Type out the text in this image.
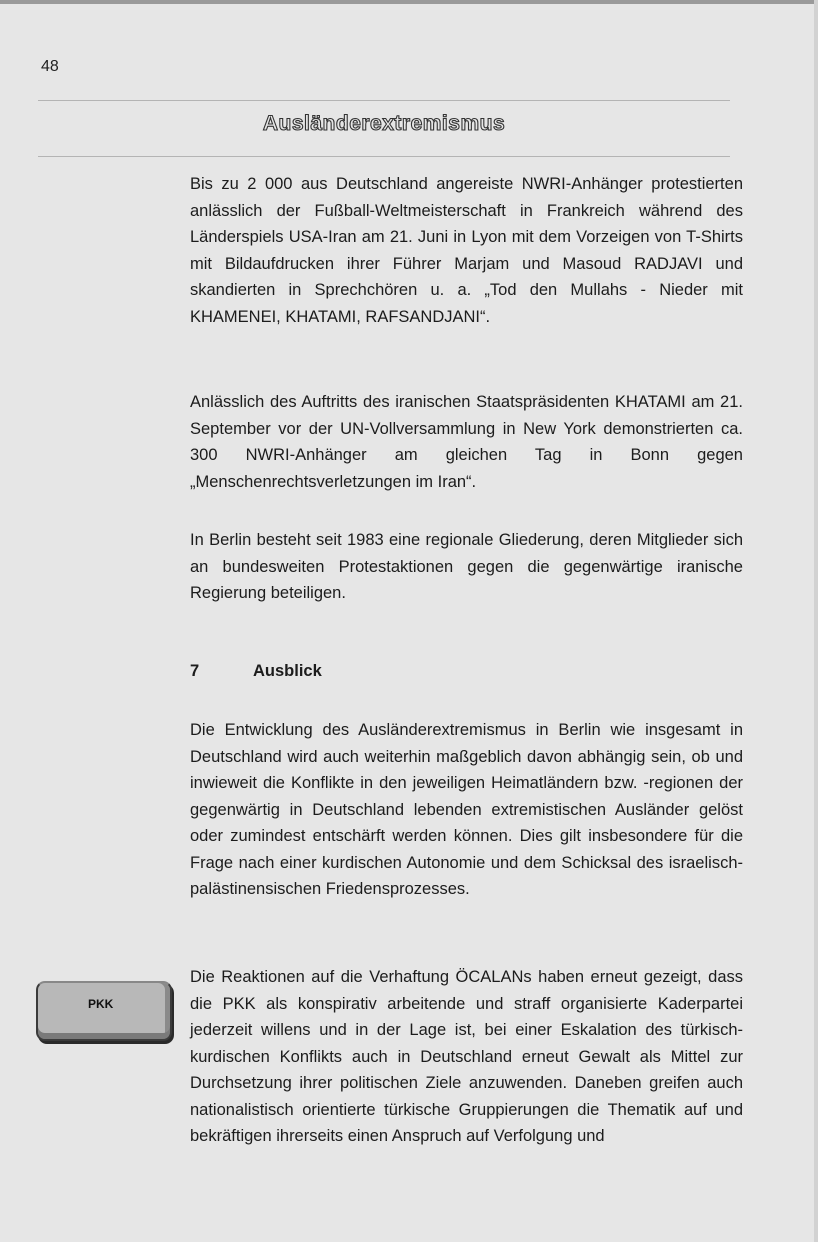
48
Ausländerextremismus

Bis zu 2 000 aus Deutschland angereiste NWRI-Anhänger protestierten anlässlich der Fußball-Weltmeisterschaft in Frankreich während des Länderspiels USA-Iran am 21. Juni in Lyon mit dem Vorzeigen von T-Shirts mit Bildaufdrucken ihrer Führer Marjam und Masoud RADJAVI und skandierten in Sprechchören u. a. „Tod den Mullahs - Nieder mit KHAMENEI, KHATAMI, RAFSANDJANI“.

Anlässlich des Auftritts des iranischen Staatspräsidenten KHATAMI am 21. September vor der UN-Vollversammlung in New York demonstrierten ca. 300 NWRI-Anhänger am gleichen Tag in Bonn gegen „Menschenrechtsverletzungen im Iran“.

In Berlin besteht seit 1983 eine regionale Gliederung, deren Mitglieder sich an bundesweiten Protestaktionen gegen die gegenwärtige iranische Regierung beteiligen.

7	Ausblick

Die Entwicklung des Ausländerextremismus in Berlin wie insgesamt in Deutschland wird auch weiterhin maßgeblich davon abhängig sein, ob und inwieweit die Konflikte in den jeweiligen Heimatländern bzw. -regionen der gegenwärtig in Deutschland lebenden extremistischen Ausländer gelöst oder zumindest entschärft werden können. Dies gilt insbesondere für die Frage nach einer kurdischen Autonomie und dem Schicksal des israelisch-palästinensischen Friedensprozesses.

PKK

Die Reaktionen auf die Verhaftung ÖCALANs haben erneut gezeigt, dass die PKK als konspirativ arbeitende und straff organisierte Kaderpartei jederzeit willens und in der Lage ist, bei einer Eskalation des türkisch-kurdischen Konflikts auch in Deutschland erneut Gewalt als Mittel zur Durchsetzung ihrer politischen Ziele anzuwenden. Daneben greifen auch nationalistisch orientierte türkische Gruppierungen die Thematik auf und bekräftigen ihrerseits einen Anspruch auf Verfolgung und
